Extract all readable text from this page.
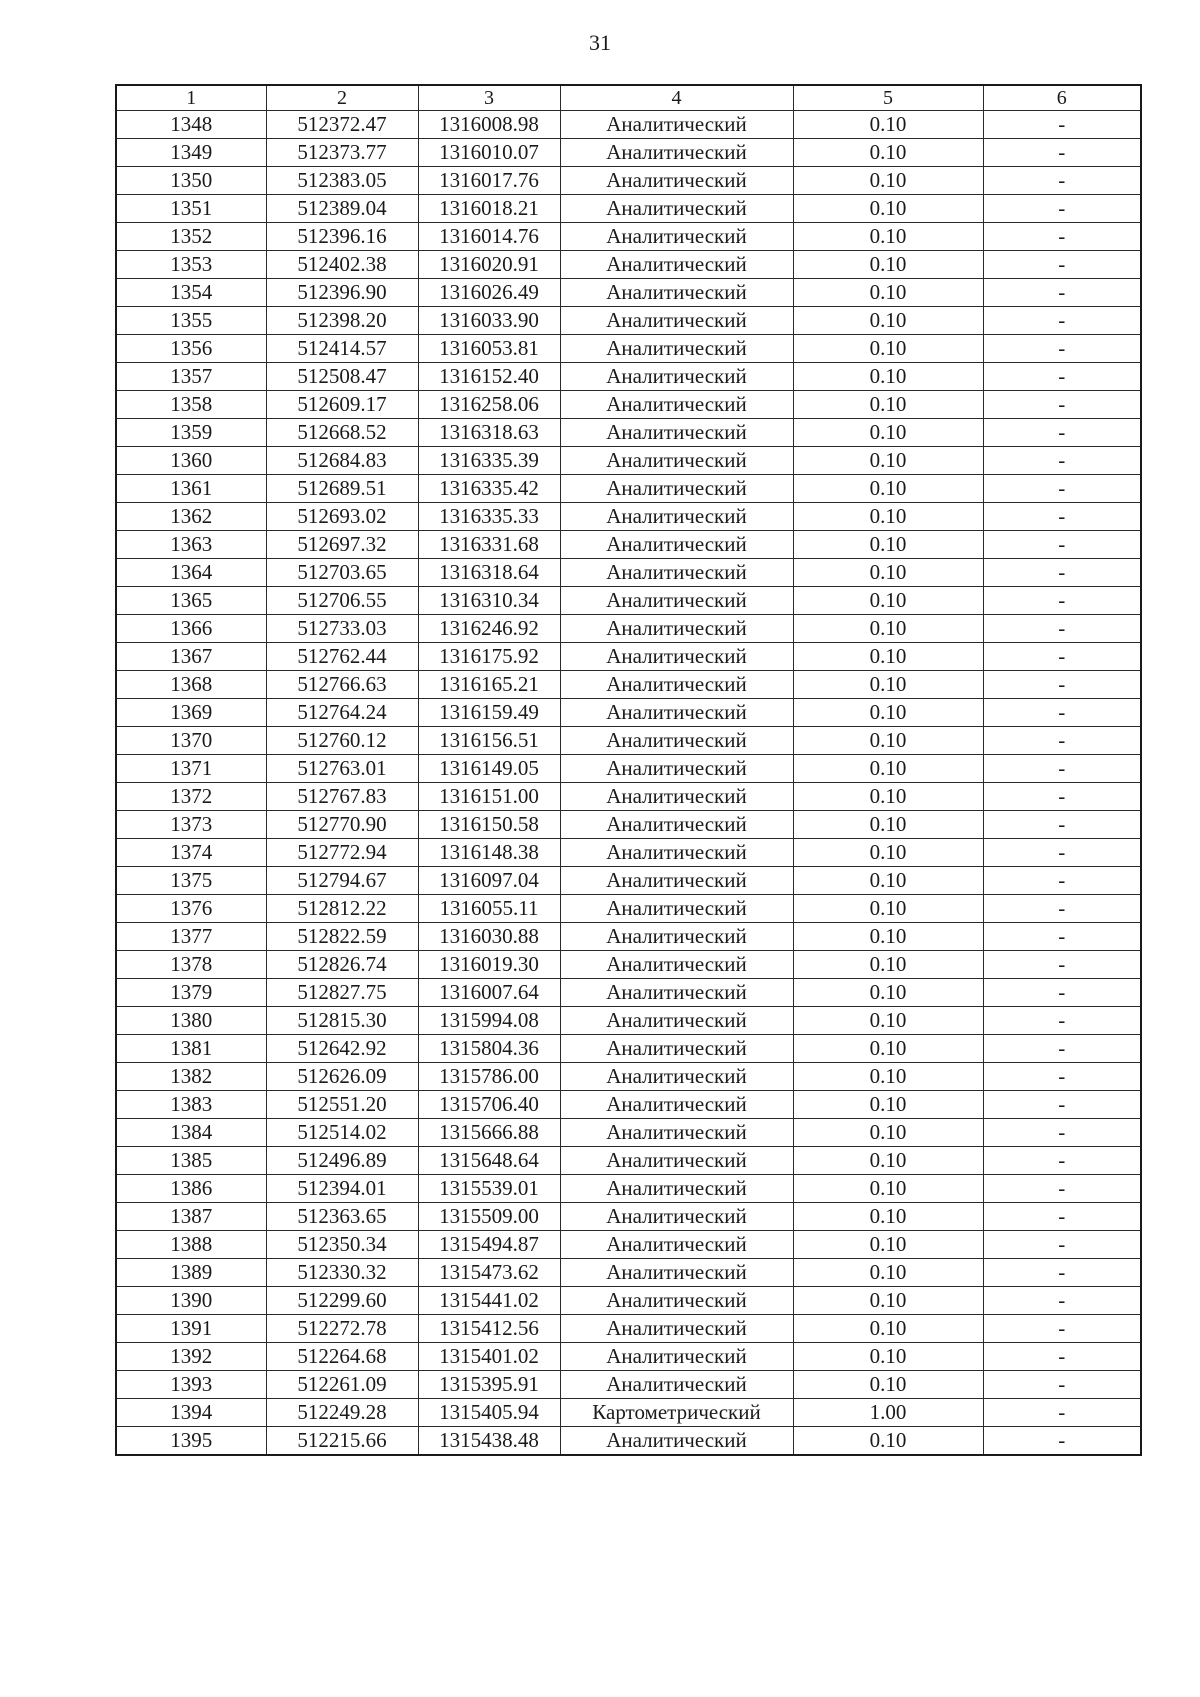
31
1	2	3	4	5	6
1348	512372.47	1316008.98	Аналитический	0.10	-
1349	512373.77	1316010.07	Аналитический	0.10	-
1350	512383.05	1316017.76	Аналитический	0.10	-
1351	512389.04	1316018.21	Аналитический	0.10	-
1352	512396.16	1316014.76	Аналитический	0.10	-
1353	512402.38	1316020.91	Аналитический	0.10	-
1354	512396.90	1316026.49	Аналитический	0.10	-
1355	512398.20	1316033.90	Аналитический	0.10	-
1356	512414.57	1316053.81	Аналитический	0.10	-
1357	512508.47	1316152.40	Аналитический	0.10	-
1358	512609.17	1316258.06	Аналитический	0.10	-
1359	512668.52	1316318.63	Аналитический	0.10	-
1360	512684.83	1316335.39	Аналитический	0.10	-
1361	512689.51	1316335.42	Аналитический	0.10	-
1362	512693.02	1316335.33	Аналитический	0.10	-
1363	512697.32	1316331.68	Аналитический	0.10	-
1364	512703.65	1316318.64	Аналитический	0.10	-
1365	512706.55	1316310.34	Аналитический	0.10	-
1366	512733.03	1316246.92	Аналитический	0.10	-
1367	512762.44	1316175.92	Аналитический	0.10	-
1368	512766.63	1316165.21	Аналитический	0.10	-
1369	512764.24	1316159.49	Аналитический	0.10	-
1370	512760.12	1316156.51	Аналитический	0.10	-
1371	512763.01	1316149.05	Аналитический	0.10	-
1372	512767.83	1316151.00	Аналитический	0.10	-
1373	512770.90	1316150.58	Аналитический	0.10	-
1374	512772.94	1316148.38	Аналитический	0.10	-
1375	512794.67	1316097.04	Аналитический	0.10	-
1376	512812.22	1316055.11	Аналитический	0.10	-
1377	512822.59	1316030.88	Аналитический	0.10	-
1378	512826.74	1316019.30	Аналитический	0.10	-
1379	512827.75	1316007.64	Аналитический	0.10	-
1380	512815.30	1315994.08	Аналитический	0.10	-
1381	512642.92	1315804.36	Аналитический	0.10	-
1382	512626.09	1315786.00	Аналитический	0.10	-
1383	512551.20	1315706.40	Аналитический	0.10	-
1384	512514.02	1315666.88	Аналитический	0.10	-
1385	512496.89	1315648.64	Аналитический	0.10	-
1386	512394.01	1315539.01	Аналитический	0.10	-
1387	512363.65	1315509.00	Аналитический	0.10	-
1388	512350.34	1315494.87	Аналитический	0.10	-
1389	512330.32	1315473.62	Аналитический	0.10	-
1390	512299.60	1315441.02	Аналитический	0.10	-
1391	512272.78	1315412.56	Аналитический	0.10	-
1392	512264.68	1315401.02	Аналитический	0.10	-
1393	512261.09	1315395.91	Аналитический	0.10	-
1394	512249.28	1315405.94	Картометрический	1.00	-
1395	512215.66	1315438.48	Аналитический	0.10	-
